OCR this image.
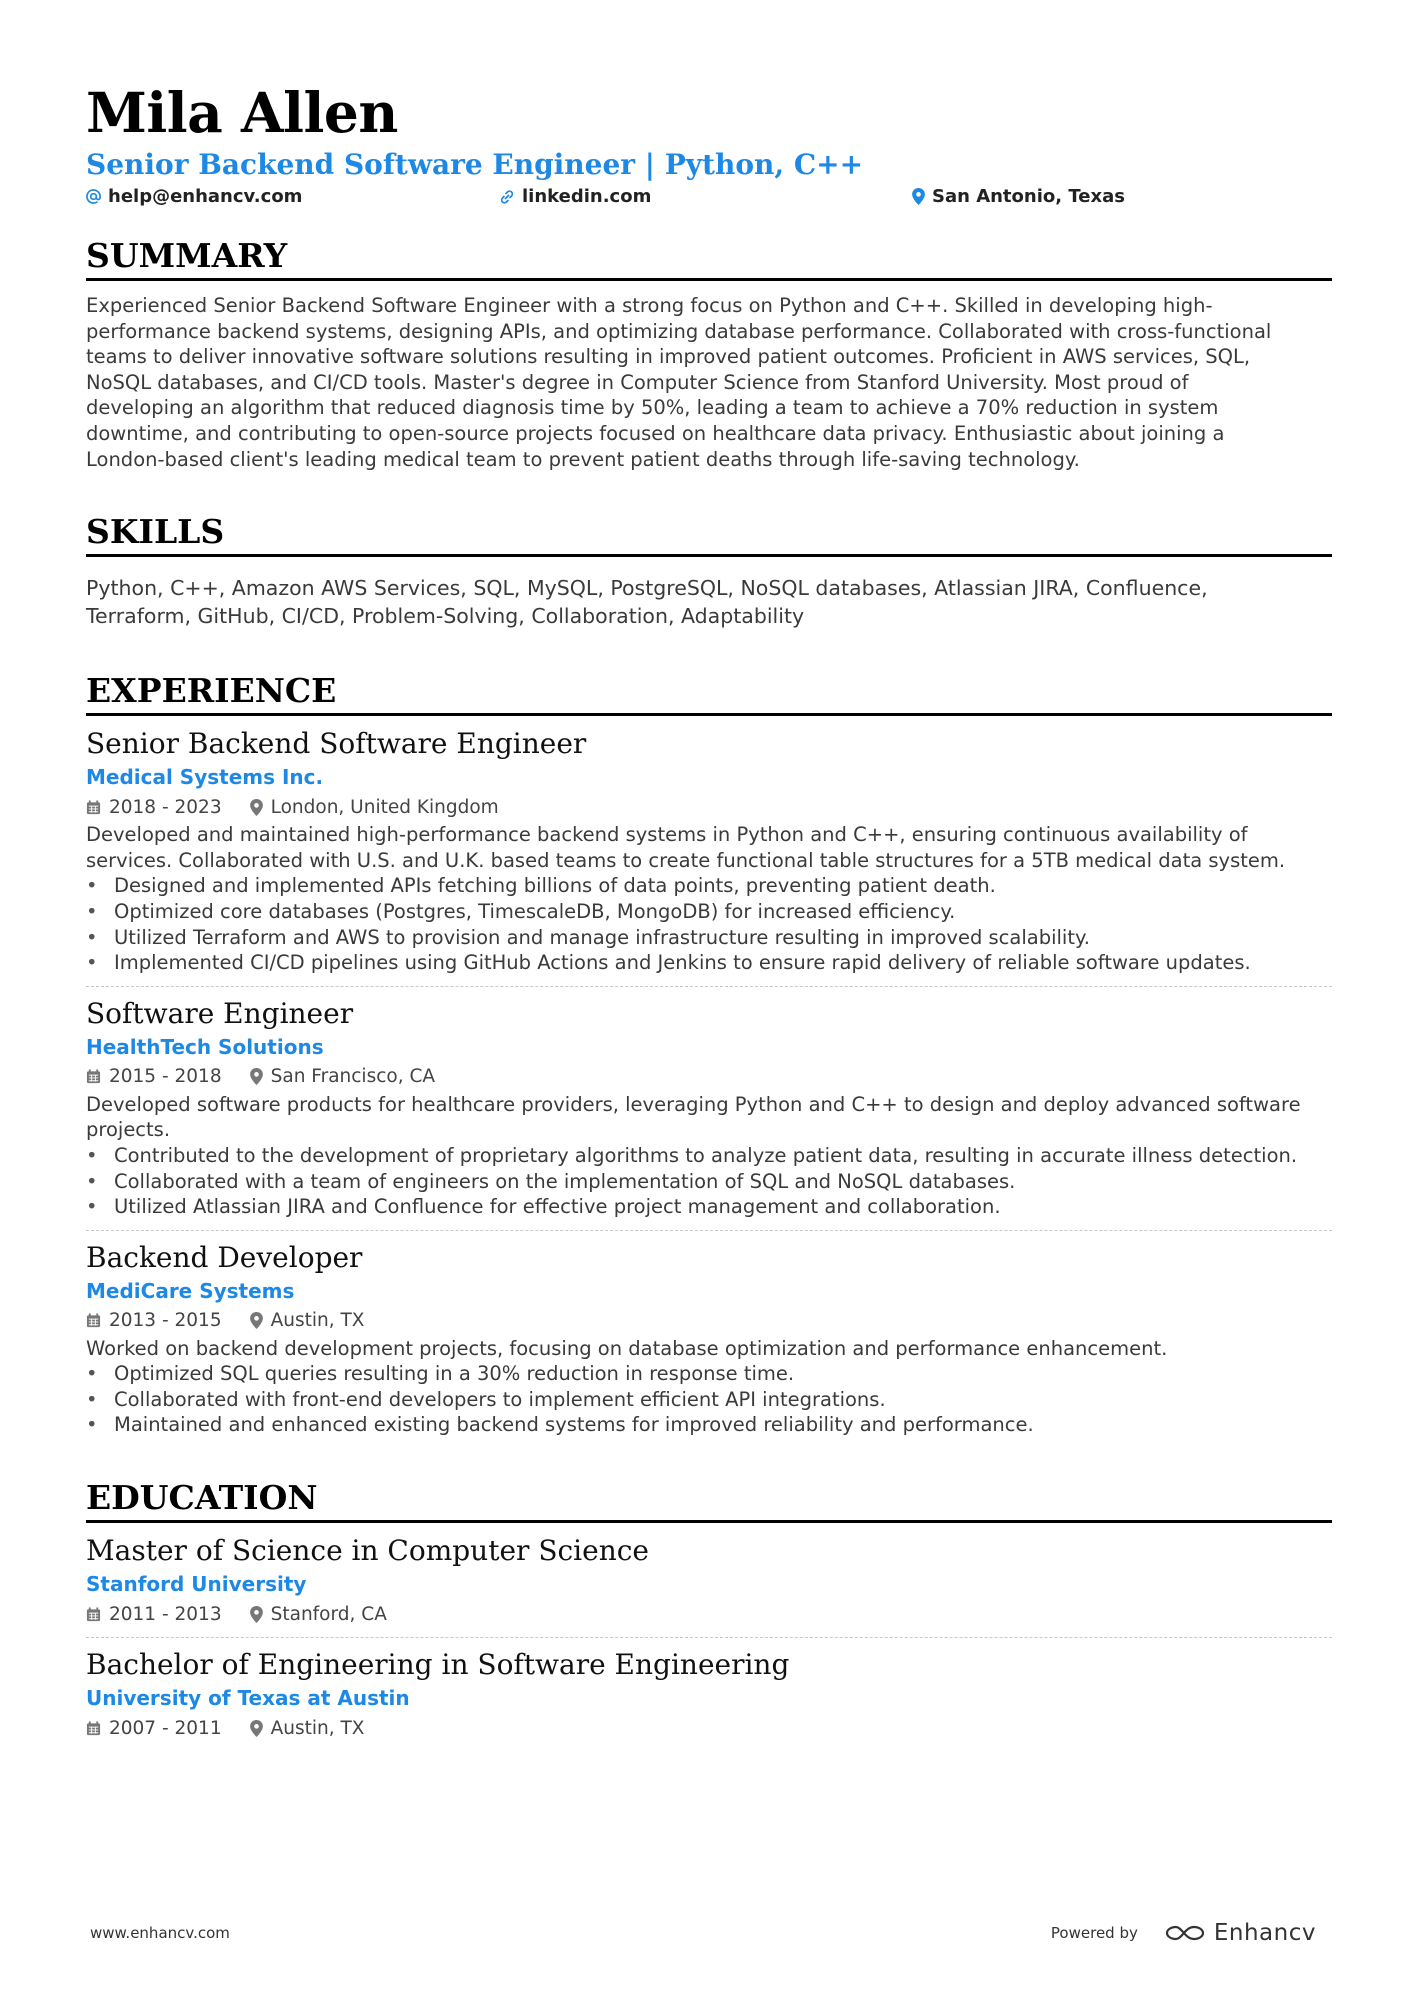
Mila Allen
Senior Backend Software Engineer | Python, C++
help@enhancv.com	linkedin.com	San Antonio, Texas
SUMMARY
Experienced Senior Backend Software Engineer with a strong focus on Python and C++. Skilled in developing high-
performance backend systems, designing APIs, and optimizing database performance. Collaborated with cross-functional
teams to deliver innovative software solutions resulting in improved patient outcomes. Proficient in AWS services, SQL,
NoSQL databases, and CI/CD tools. Master's degree in Computer Science from Stanford University. Most proud of
developing an algorithm that reduced diagnosis time by 50%, leading a team to achieve a 70% reduction in system
downtime, and contributing to open-source projects focused on healthcare data privacy. Enthusiastic about joining a
London-based client's leading medical team to prevent patient deaths through life-saving technology.
SKILLS
Python, C++, Amazon AWS Services, SQL, MySQL, PostgreSQL, NoSQL databases, Atlassian JIRA, Confluence,
Terraform, GitHub, CI/CD, Problem-Solving, Collaboration, Adaptability
EXPERIENCE
Senior Backend Software Engineer
Medical Systems Inc.
2018 - 2023	London, United Kingdom
Developed and maintained high-performance backend systems in Python and C++, ensuring continuous availability of
services. Collaborated with U.S. and U.K. based teams to create functional table structures for a 5TB medical data system.
• Designed and implemented APIs fetching billions of data points, preventing patient death.
• Optimized core databases (Postgres, TimescaleDB, MongoDB) for increased efficiency.
• Utilized Terraform and AWS to provision and manage infrastructure resulting in improved scalability.
• Implemented CI/CD pipelines using GitHub Actions and Jenkins to ensure rapid delivery of reliable software updates.
Software Engineer
HealthTech Solutions
2015 - 2018	San Francisco, CA
Developed software products for healthcare providers, leveraging Python and C++ to design and deploy advanced software
projects.
• Contributed to the development of proprietary algorithms to analyze patient data, resulting in accurate illness detection.
• Collaborated with a team of engineers on the implementation of SQL and NoSQL databases.
• Utilized Atlassian JIRA and Confluence for effective project management and collaboration.
Backend Developer
MediCare Systems
2013 - 2015	Austin, TX
Worked on backend development projects, focusing on database optimization and performance enhancement.
• Optimized SQL queries resulting in a 30% reduction in response time.
• Collaborated with front-end developers to implement efficient API integrations.
• Maintained and enhanced existing backend systems for improved reliability and performance.
EDUCATION
Master of Science in Computer Science
Stanford University
2011 - 2013	Stanford, CA
Bachelor of Engineering in Software Engineering
University of Texas at Austin
2007 - 2011	Austin, TX
www.enhancv.com	Powered by	Enhancv
